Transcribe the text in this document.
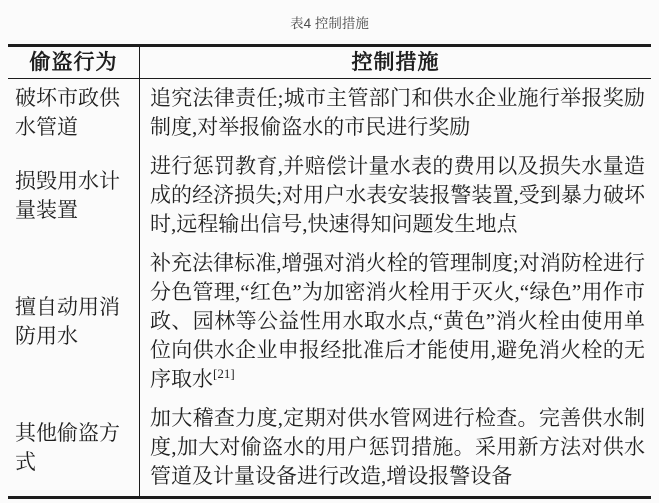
表4 控制措施
偷盗行为	控制措施
破坏市政供水管道
追究法律责任;城市主管部门和供水企业施行举报奖励制度,对举报偷盗水的市民进行奖励
损毁用水计量装置
进行惩罚教育,并赔偿计量水表的费用以及损失水量造成的经济损失;对用户水表安装报警装置,受到暴力破坏时,远程输出信号,快速得知问题发生地点
擅自动用消防用水
补充法律标准,增强对消火栓的管理制度;对消防栓进行分色管理,“红色”为加密消火栓用于灭火,“绿色”用作市政、园林等公益性用水取水点,“黄色”消火栓由使用单位向供水企业申报经批准后才能使用,避免消火栓的无序取水[21]
其他偷盗方式
加大稽查力度,定期对供水管网进行检查。完善供水制度,加大对偷盗水的用户惩罚措施。采用新方法对供水管道及计量设备进行改造,增设报警设备
